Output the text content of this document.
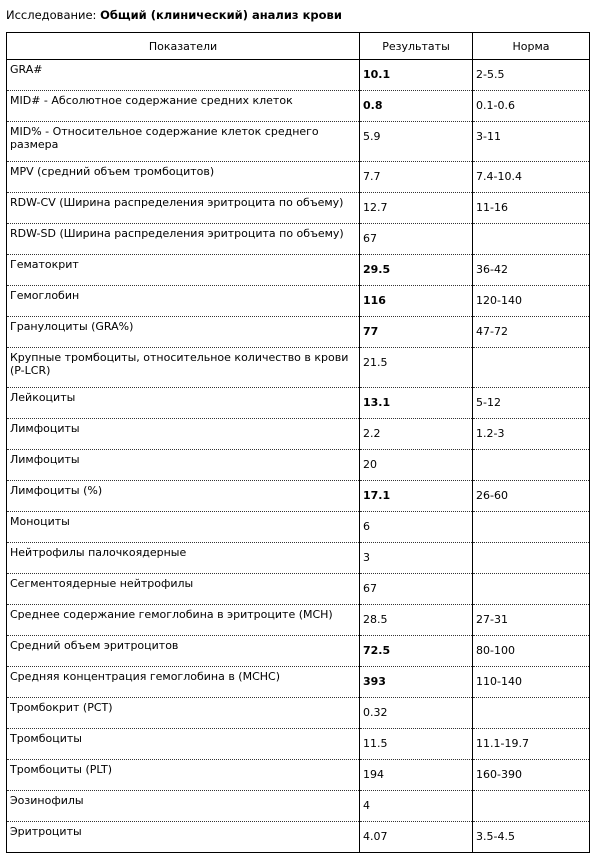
Исследование: Общий (клинический) анализ крови
Показатели	Результаты	Норма
GRA#	10.1	2-5.5
MID# - Абсолютное содержание средних клеток	0.8	0.1-0.6
MID% - Относительное содержание клеток среднего размера	5.9	3-11
MPV (средний объем тромбоцитов)	7.7	7.4-10.4
RDW-CV (Ширина распределения эритроцита по объему)	12.7	11-16
RDW-SD (Ширина распределения эритроцита по объему)	67	
Гематокрит	29.5	36-42
Гемоглобин	116	120-140
Гранулоциты (GRA%)	77	47-72
Крупные тромбоциты, относительное количество в крови (P-LCR)	21.5	
Лейкоциты	13.1	5-12
Лимфоциты	2.2	1.2-3
Лимфоциты	20	
Лимфоциты (%)	17.1	26-60
Моноциты	6	
Нейтрофилы палочкоядерные	3	
Сегментоядерные нейтрофилы	67	
Среднее содержание гемоглобина в эритроците (MCH)	28.5	27-31
Средний объем эритроцитов	72.5	80-100
Средняя концентрация гемоглобина в (MCHC)	393	110-140
Тромбокрит (PCT)	0.32	
Тромбоциты	11.5	11.1-19.7
Тромбоциты (PLT)	194	160-390
Эозинофилы	4	
Эритроциты	4.07	3.5-4.5
